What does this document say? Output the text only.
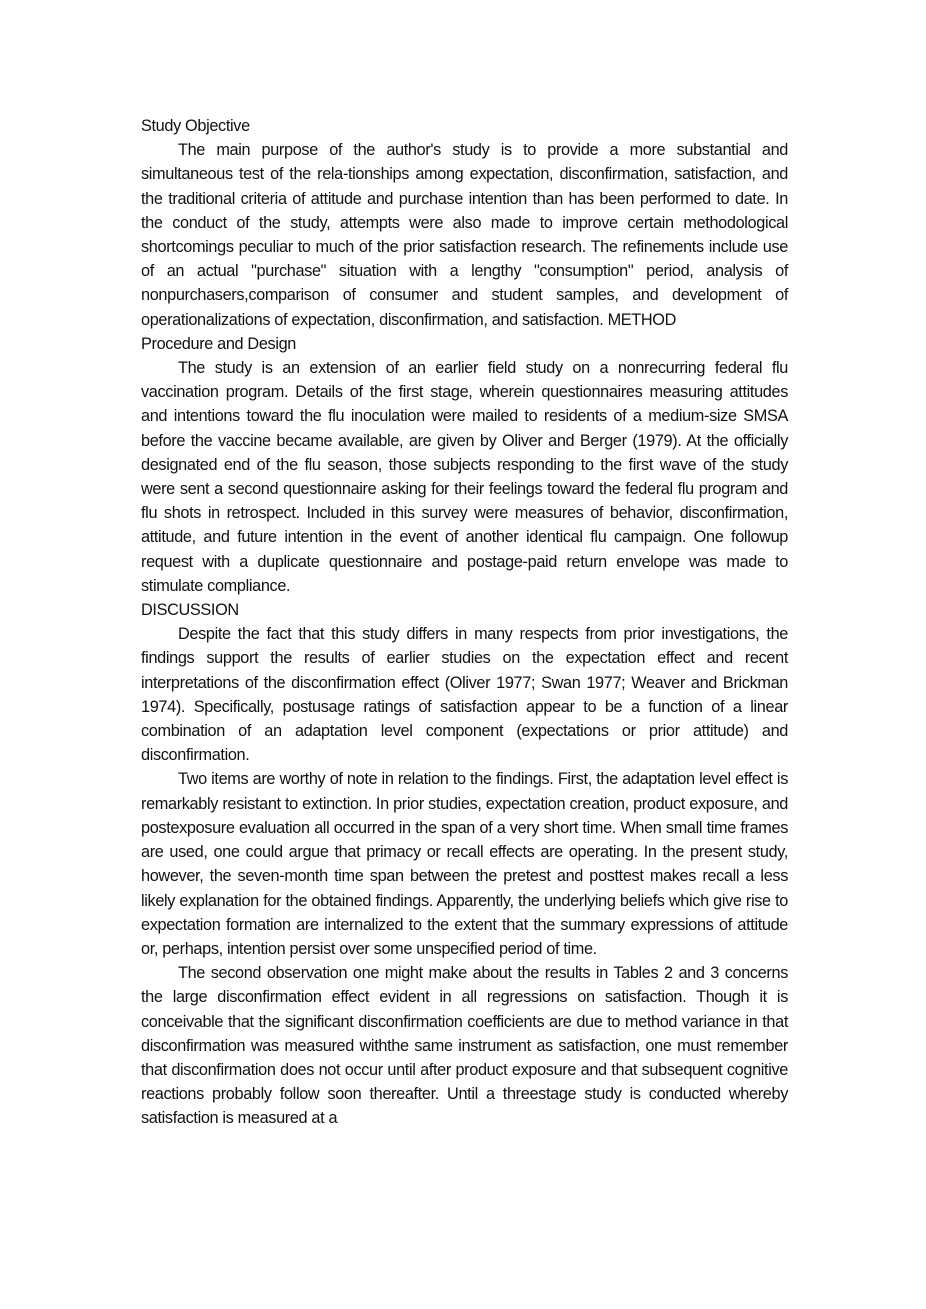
Study Objective

The main purpose of the author's study is to provide a more substantial and simultaneous test of the rela-tionships among expectation, disconfirmation, satisfaction, and the traditional criteria of attitude and purchase intention than has been performed to date. In the conduct of the study, attempts were also made to improve certain methodological shortcomings peculiar to much of the prior satisfaction research. The refinements include use of an actual "purchase" situation with a lengthy "consumption" period, analysis of nonpurchasers,comparison of consumer and student samples, and development of operationalizations of expectation, disconfirmation, and satisfaction. METHOD

Procedure and Design

The study is an extension of an earlier field study on a nonrecurring federal flu vaccination program. Details of the first stage, wherein questionnaires measuring attitudes and intentions toward the flu inoculation were mailed to residents of a medium-size SMSA before the vaccine became available, are given by Oliver and Berger (1979). At the officially designated end of the flu season, those subjects responding to the first wave of the study were sent a second questionnaire asking for their feelings toward the federal flu program and flu shots in retrospect. Included in this survey were measures of behavior, disconfirmation, attitude, and future intention in the event of another identical flu campaign. One followup request with a duplicate questionnaire and postage-paid return envelope was made to stimulate compliance.

DISCUSSION

Despite the fact that this study differs in many respects from prior investigations, the findings support the results of earlier studies on the expectation effect and recent interpretations of the disconfirmation effect (Oliver 1977; Swan 1977; Weaver and Brickman 1974). Specifically, postusage ratings of satisfaction appear to be a function of a linear combination of an adaptation level component (expectations or prior attitude) and disconfirmation.

Two items are worthy of note in relation to the findings. First, the adaptation level effect is remarkably resistant to extinction. In prior studies, expectation creation, product exposure, and postexposure evaluation all occurred in the span of a very short time. When small time frames are used, one could argue that primacy or recall effects are operating. In the present study, however, the seven-month time span between the pretest and posttest makes recall a less likely explanation for the obtained findings. Apparently, the underlying beliefs which give rise to expectation formation are internalized to the extent that the summary expressions of attitude or, perhaps, intention persist over some unspecified period of time.

The second observation one might make about the results in Tables 2 and 3 concerns the large disconfirmation effect evident in all regressions on satisfaction. Though it is conceivable that the significant disconfirmation coefficients are due to method variance in that disconfirmation was measured withthe same instrument as satisfaction, one must remember that disconfirmation does not occur until after product exposure and that subsequent cognitive reactions probably follow soon thereafter. Until a threestage study is conducted whereby satisfaction is measured at a
